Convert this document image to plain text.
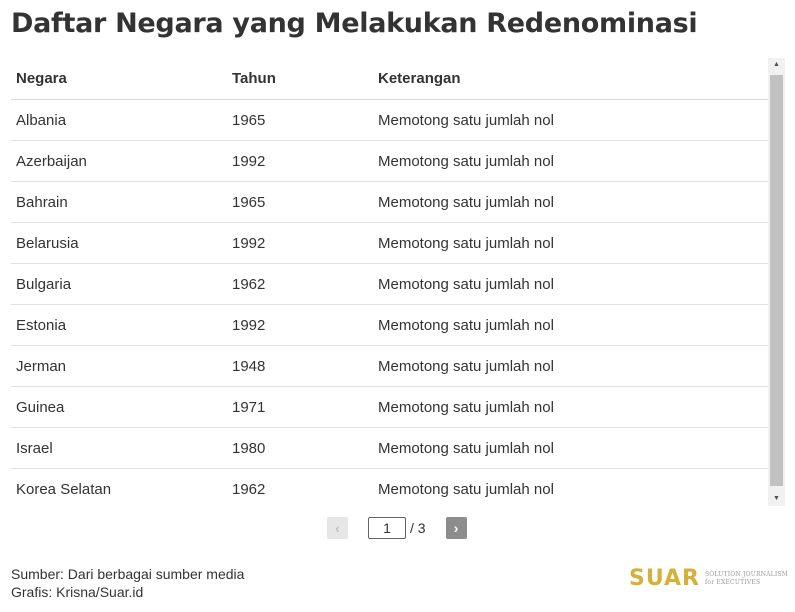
Daftar Negara yang Melakukan Redenominasi
Negara	Tahun	Keterangan
Albania	1965	Memotong satu jumlah nol
Azerbaijan	1992	Memotong satu jumlah nol
Bahrain	1965	Memotong satu jumlah nol
Belarusia	1992	Memotong satu jumlah nol
Bulgaria	1962	Memotong satu jumlah nol
Estonia	1992	Memotong satu jumlah nol
Jerman	1948	Memotong satu jumlah nol
Guinea	1971	Memotong satu jumlah nol
Israel	1980	Memotong satu jumlah nol
Korea Selatan	1962	Memotong satu jumlah nol
▲
▼
‹
1	/ 3	›
Sumber: Dari berbagai sumber media
Grafis: Krisna/Suar.id
SUAR SOLUTION JOURNALISM
for EXECUTIVES
